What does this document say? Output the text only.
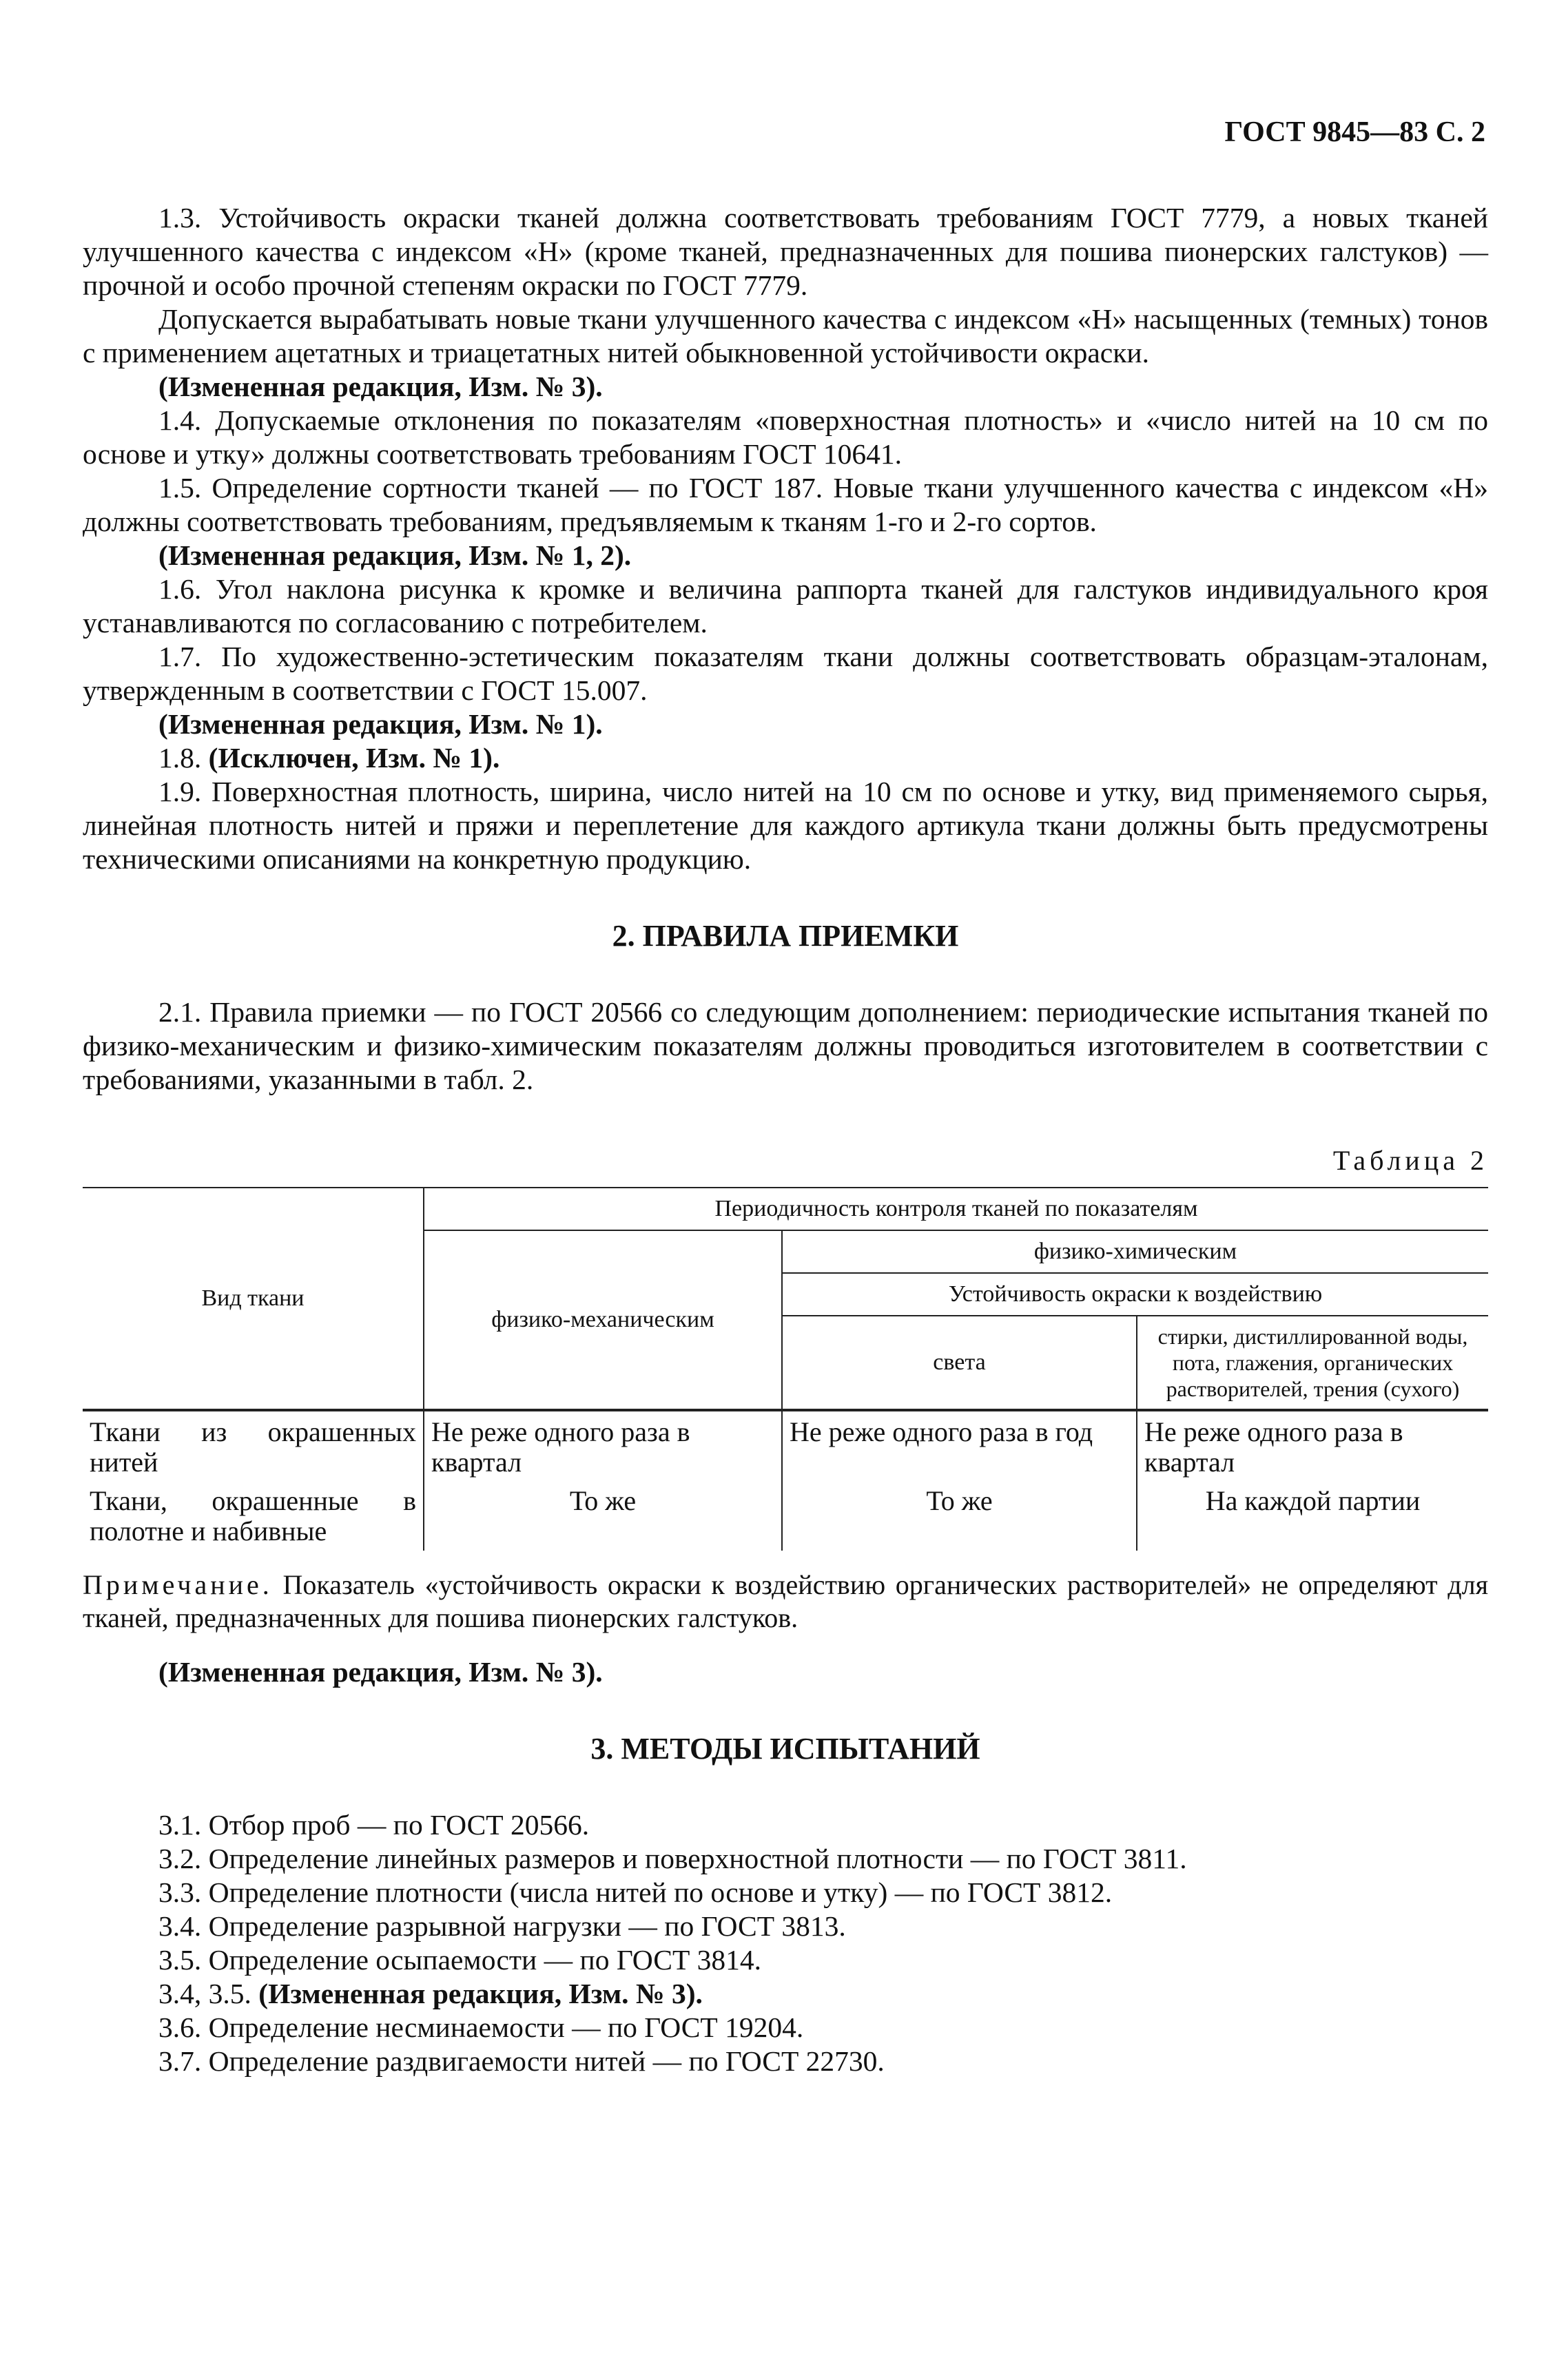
ГОСТ 9845—83 С. 2

1.3. Устойчивость окраски тканей должна соответствовать требованиям ГОСТ 7779, а новых тканей улучшенного качества с индексом «Н» (кроме тканей, предназначенных для пошива пионерских галстуков) — прочной и особо прочной степеням окраски по ГОСТ 7779.

Допускается вырабатывать новые ткани улучшенного качества с индексом «Н» насыщенных (темных) тонов с применением ацетатных и триацетатных нитей обыкновенной устойчивости окраски.

(Измененная редакция, Изм. № 3).

1.4. Допускаемые отклонения по показателям «поверхностная плотность» и «число нитей на 10 см по основе и утку» должны соответствовать требованиям ГОСТ 10641.

1.5. Определение сортности тканей — по ГОСТ 187. Новые ткани улучшенного качества с индексом «Н» должны соответствовать требованиям, предъявляемым к тканям 1-го и 2-го сортов.

(Измененная редакция, Изм. № 1, 2).

1.6. Угол наклона рисунка к кромке и величина раппорта тканей для галстуков индивидуального кроя устанавливаются по согласованию с потребителем.

1.7. По художественно-эстетическим показателям ткани должны соответствовать образцам-эталонам, утвержденным в соответствии с ГОСТ 15.007.

(Измененная редакция, Изм. № 1).

1.8. (Исключен, Изм. № 1).

1.9. Поверхностная плотность, ширина, число нитей на 10 см по основе и утку, вид применяемого сырья, линейная плотность нитей и пряжи и переплетение для каждого артикула ткани должны быть предусмотрены техническими описаниями на конкретную продукцию.

2. ПРАВИЛА ПРИЕМКИ

2.1. Правила приемки — по ГОСТ 20566 со следующим дополнением: периодические испытания тканей по физико-механическим и физико-химическим показателям должны проводиться изготовителем в соответствии с требованиями, указанными в табл. 2.

Таблица 2
Вид ткани	Периодичность контроля тканей по показателям		
	физико-механическим	физико-химическим	
		Устойчивость окраски к воздействию	
		света	стирки, дистиллированной воды, пота, глажения, органических растворителей, трения (сухого)
Ткани из окрашенных нитей	Не реже одного раза в квартал	Не реже одного раза в год	Не реже одного раза в квартал
Ткани, окрашенные в полотне и набивные	То же	То же	На каждой партии
Примечание. Показатель «устойчивость окраски к воздействию органических растворителей» не определяют для тканей, предназначенных для пошива пионерских галстуков.

(Измененная редакция, Изм. № 3).

3. МЕТОДЫ ИСПЫТАНИЙ

3.1. Отбор проб — по ГОСТ 20566.

3.2. Определение линейных размеров и поверхностной плотности — по ГОСТ 3811.

3.3. Определение плотности (числа нитей по основе и утку) — по ГОСТ 3812.

3.4. Определение разрывной нагрузки — по ГОСТ 3813.

3.5. Определение осыпаемости — по ГОСТ 3814.

3.4, 3.5. (Измененная редакция, Изм. № 3).

3.6. Определение несминаемости — по ГОСТ 19204.

3.7. Определение раздвигаемости нитей — по ГОСТ 22730.
